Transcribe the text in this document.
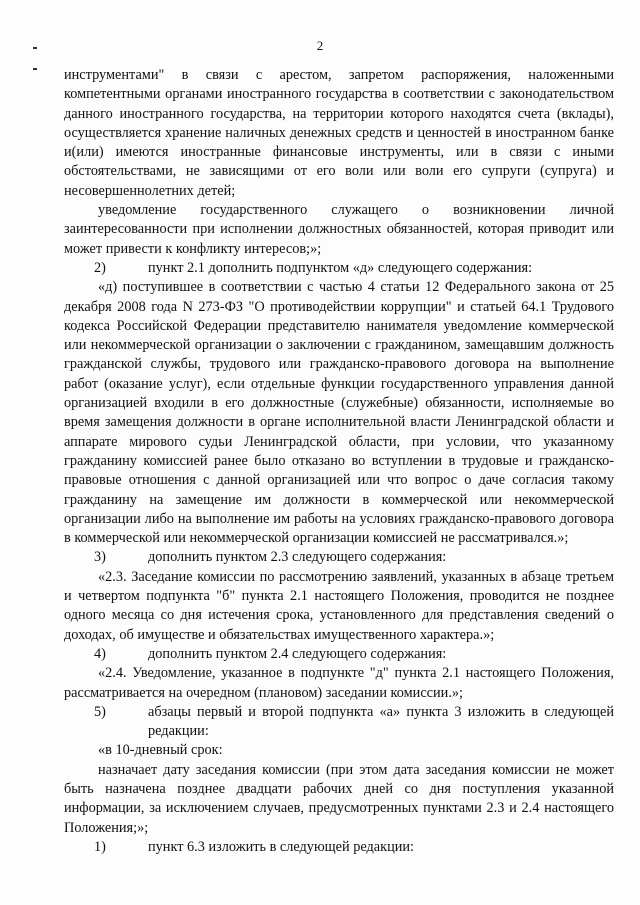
2

инструментами" в связи с арестом, запретом распоряжения, наложенными компетентными органами иностранного государства в соответствии с законодательством данного иностранного государства, на территории которого находятся счета (вклады), осуществляется хранение наличных денежных средств и ценностей в иностранном банке и(или) имеются иностранные финансовые инструменты, или в связи с иными обстоятельствами, не зависящими от его воли или воли его супруги (супруга) и несовершеннолетних детей;

уведомление государственного служащего о возникновении личной заинтересованности при исполнении должностных обязанностей, которая приводит или может привести к конфликту интересов;»;

2)	пункт 2.1 дополнить подпунктом «д» следующего содержания:

«д) поступившее в соответствии с частью 4 статьи 12 Федерального закона от 25 декабря 2008 года N 273-ФЗ "О противодействии коррупции" и статьей 64.1 Трудового кодекса Российской Федерации представителю нанимателя уведомление коммерческой или некоммерческой организации о заключении с гражданином, замещавшим должность гражданской службы, трудового или гражданско-правового договора на выполнение работ (оказание услуг), если отдельные функции государственного управления данной организацией входили в его должностные (служебные) обязанности, исполняемые во время замещения должности в органе исполнительной власти Ленинградской области и аппарате мирового судьи Ленинградской области, при условии, что указанному гражданину комиссией ранее было отказано во вступлении в трудовые и гражданско-правовые отношения с данной организацией или что вопрос о даче согласия такому гражданину на замещение им должности в коммерческой или некоммерческой организации либо на выполнение им работы на условиях гражданско-правового договора в коммерческой или некоммерческой организации комиссией не рассматривался.»;

3)	дополнить пунктом 2.3 следующего содержания:

«2.3. Заседание комиссии по рассмотрению заявлений, указанных в абзаце третьем и четвертом подпункта "б" пункта 2.1 настоящего Положения, проводится не позднее одного месяца со дня истечения срока, установленного для представления сведений о доходах, об имуществе и обязательствах имущественного характера.»;

4)	дополнить пунктом 2.4 следующего содержания:

«2.4. Уведомление, указанное в подпункте "д" пункта 2.1 настоящего Положения, рассматривается на очередном (плановом) заседании комиссии.»;

5)	абзацы первый и второй подпункта «а» пункта 3 изложить в следующей редакции:

«в 10-дневный срок:

назначает дату заседания комиссии (при этом дата заседания комиссии не может быть назначена позднее двадцати рабочих дней со дня поступления указанной информации, за исключением случаев, предусмотренных пунктами 2.3 и 2.4 настоящего Положения;»;

1)	пункт 6.3 изложить в следующей редакции:
